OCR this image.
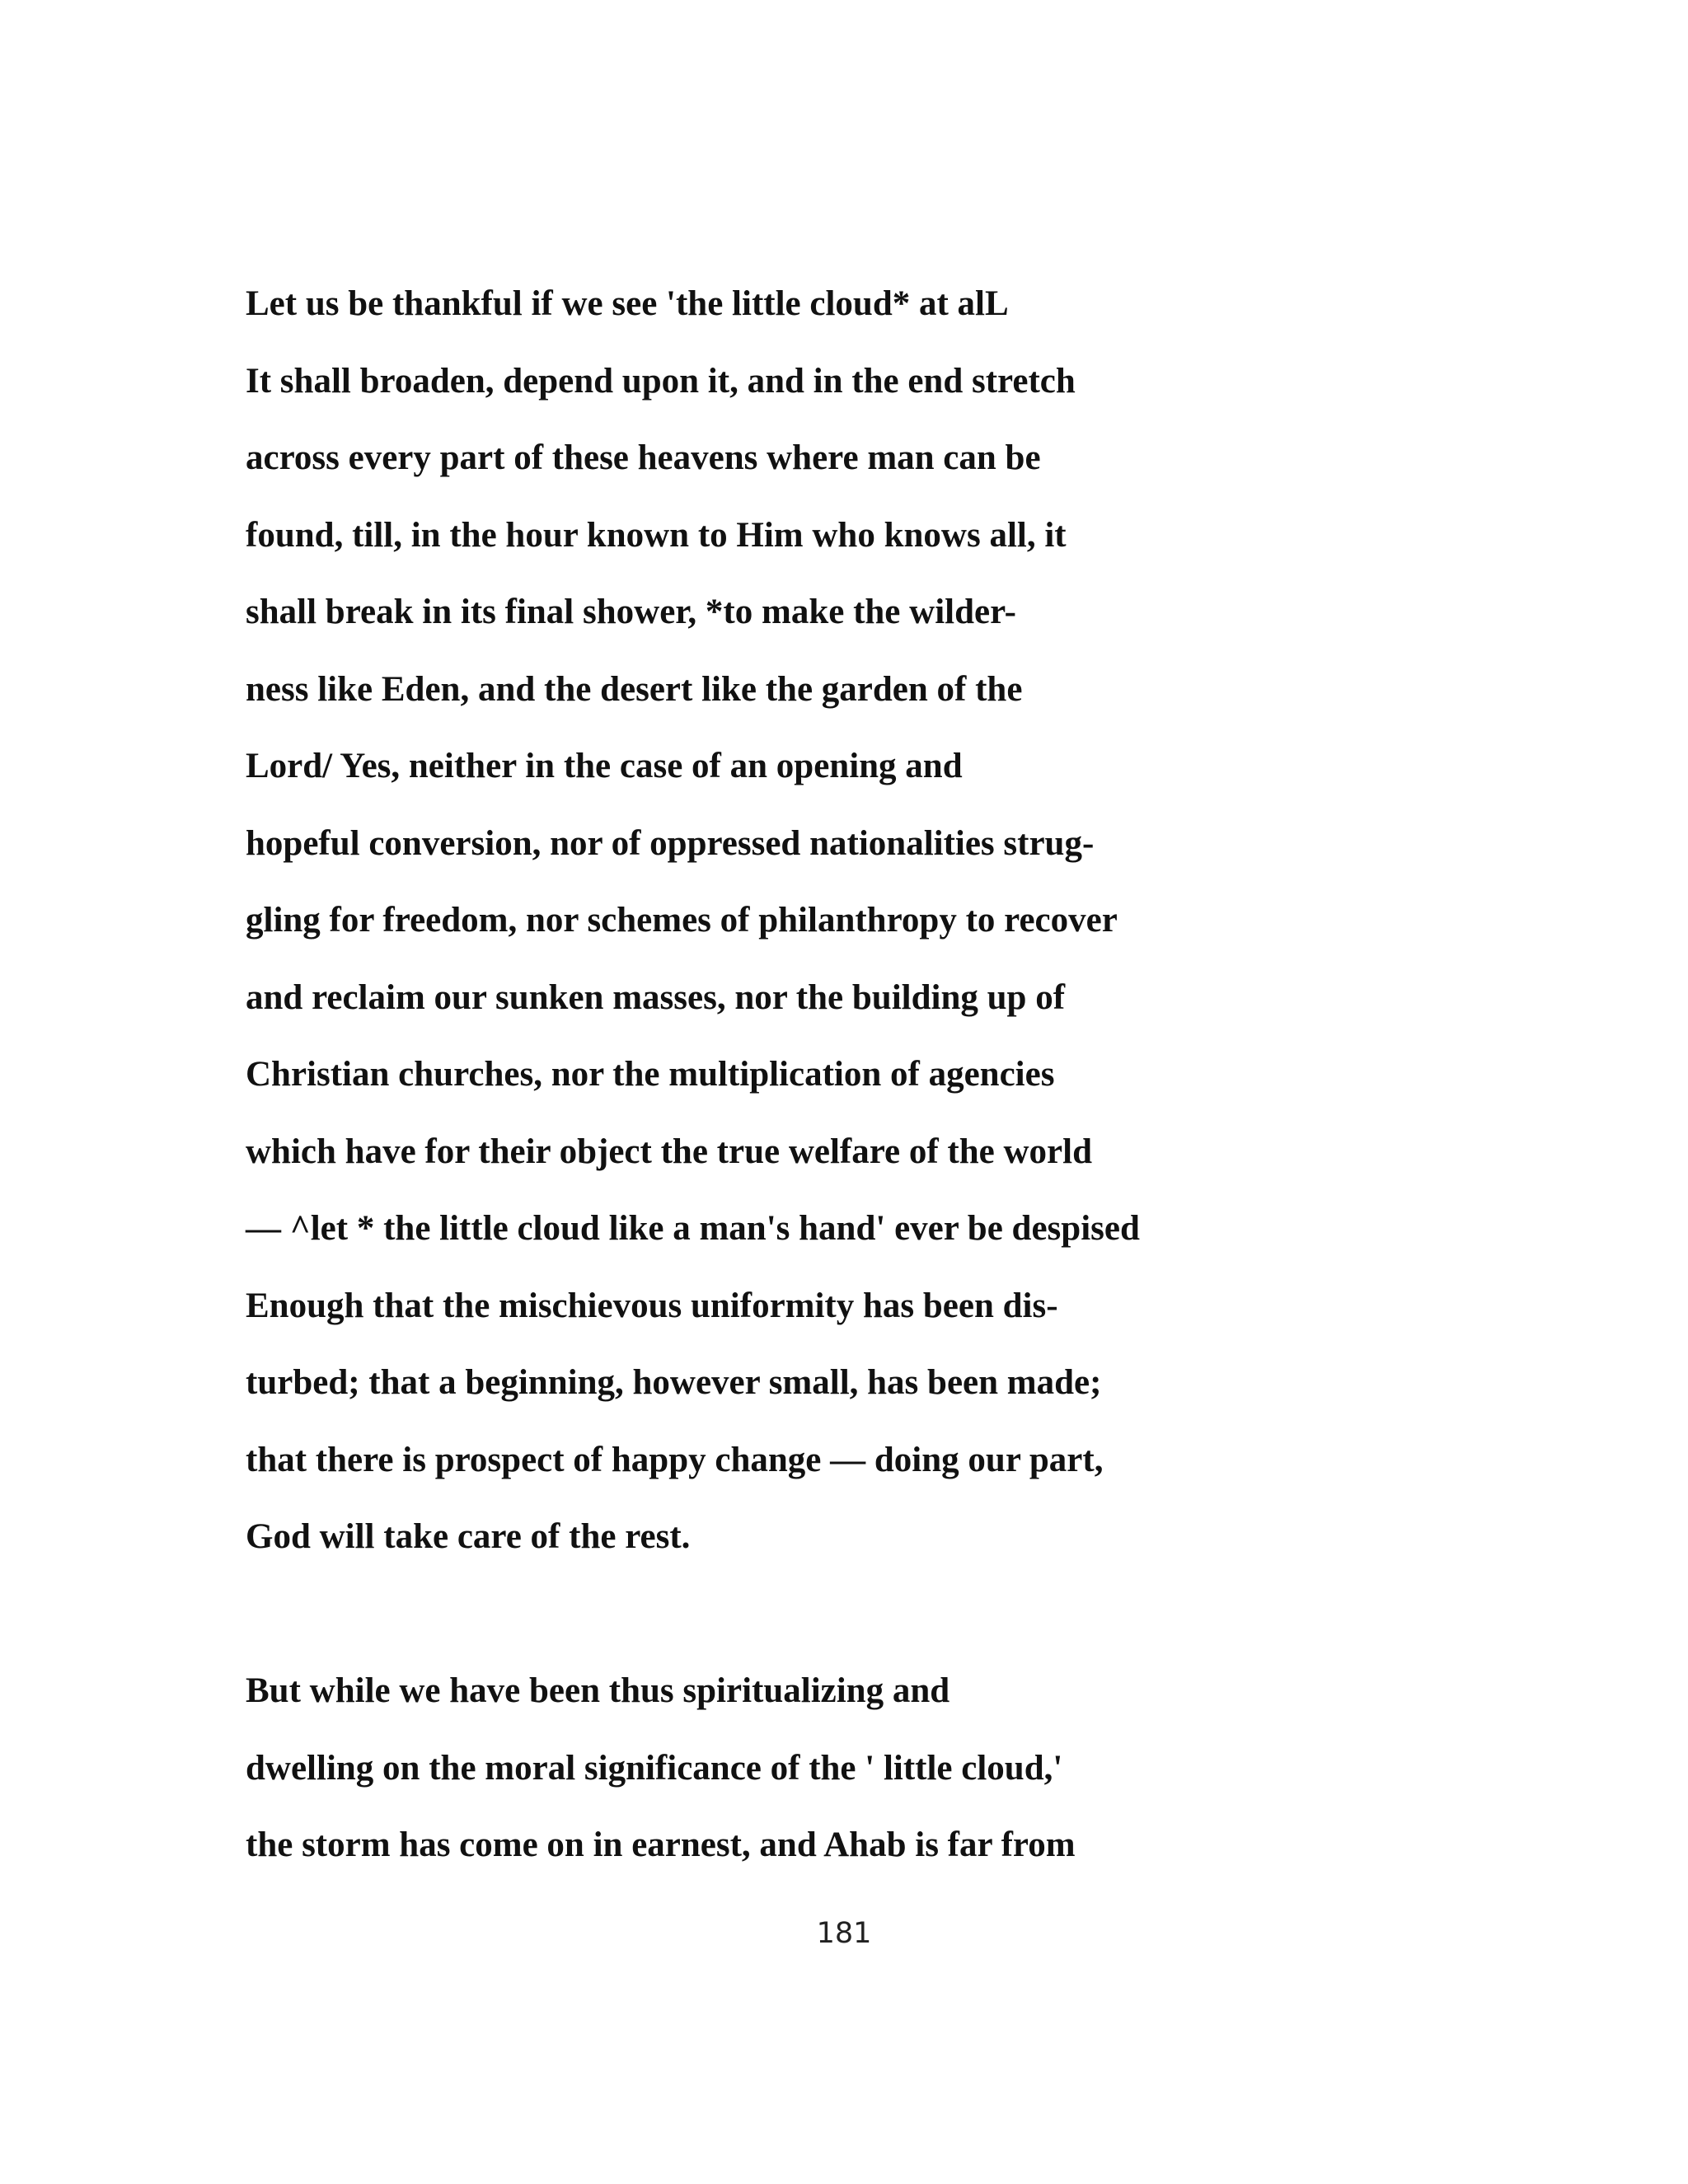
Let us be thankful if we see 'the little cloud* at alL
It shall broaden, depend upon it, and in the end stretch
across every part of these heavens where man can be
found, till, in the hour known to Him who knows all, it
shall break in its final shower, *to make the wilder-
ness like Eden, and the desert like the garden of the
Lord/ Yes, neither in the case of an opening and
hopeful conversion, nor of oppressed nationalities strug-
gling for freedom, nor schemes of philanthropy to recover
and reclaim our sunken masses, nor the building up of
Christian churches, nor the multiplication of agencies
which have for their object the true welfare of the world
— ^let * the little cloud like a man's hand' ever be despised
Enough that the mischievous uniformity has been dis-
turbed; that a beginning, however small, has been made;
that there is prospect of happy change — doing our part,
God will take care of the rest.
But while we have been thus spiritualizing and
dwelling on the moral significance of the ' little cloud,'
the storm has come on in earnest, and Ahab is far from
181
